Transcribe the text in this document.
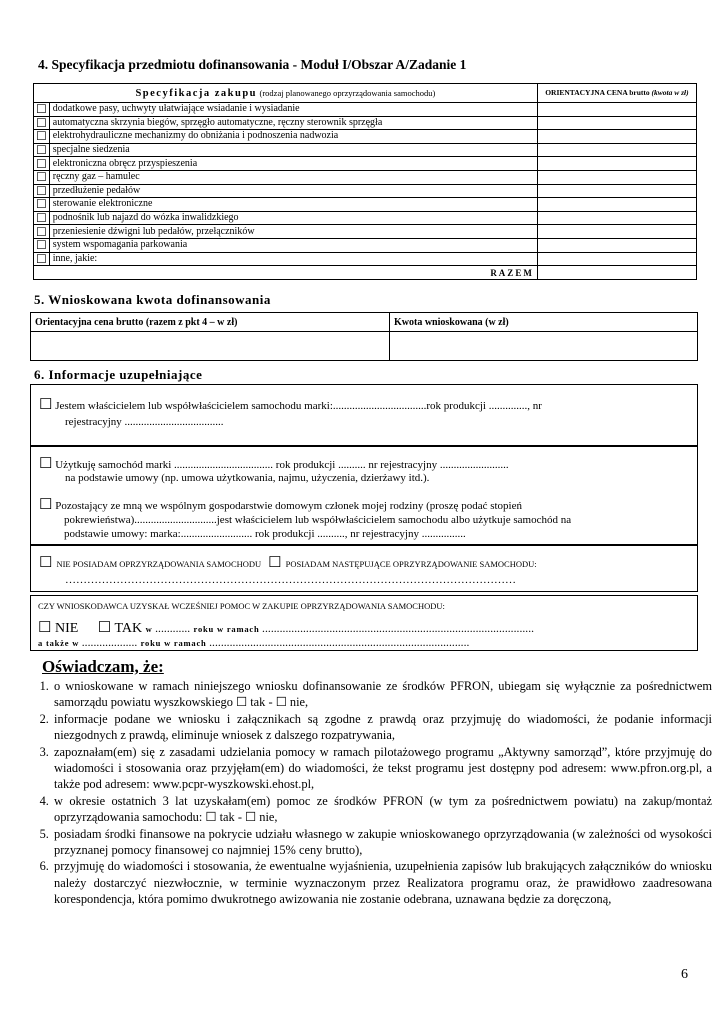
4. Specyfikacja przedmiotu dofinansowania - Moduł I/Obszar A/Zadanie 1
Specyfikacja zakupu (rodzaj planowanego oprzyrządowania samochodu)		ORIENTACYJNA CENA brutto (kwota w zł)
☐	dodatkowe pasy, uchwyty ułatwiające wsiadanie i wysiadanie	
☐	automatyczna skrzynia biegów, sprzęgło automatyczne, ręczny sterownik sprzęgła	
☐	elektrohydrauliczne mechanizmy do obniżania i podnoszenia nadwozia	
☐	specjalne siedzenia	
☐	elektroniczna obręcz przyspieszenia	
☐	ręczny gaz – hamulec	
☐	przedłużenie pedałów	
☐	sterowanie elektroniczne	
☐	podnośnik lub najazd do wózka inwalidzkiego	
☐	przeniesienie dźwigni lub pedałów, przełączników	
☐	system wspomagania parkowania	
☐	inne, jakie:	
RAZEM		
5. Wnioskowana kwota dofinansowania
Orientacyjna cena brutto (razem z pkt 4 – w zł)	Kwota wnioskowana (w zł)

6. Informacje uzupełniające
☐ Jestem właścicielem lub współwłaścicielem samochodu marki:..................................rok produkcji .............., nr
rejestracyjny ....................................
☐ Użytkuję samochód marki .................................... rok produkcji .......... nr rejestracyjny .........................
na podstawie umowy (np. umowa użytkowania, najmu, użyczenia, dzierżawy itd.).
☐ Pozostający ze mną we wspólnym gospodarstwie domowym członek mojej rodziny (proszę podać stopień
pokrewieństwa)..............................jest właścicielem lub współwłaścicielem samochodu albo użytkuje samochód na
podstawie umowy: marka:.......................... rok produkcji .........., nr rejestracyjny ................
☐ NIE POSIADAM OPRZYRZĄDOWANIA SAMOCHODU ☐ POSIADAM NASTĘPUJĄCE OPRZYRZĄDOWANIE SAMOCHODU:
……………………………………………………………………………………………………………
CZY WNIOSKODAWCA UZYSKAŁ WCZEŚNIEJ POMOC W ZAKUPIE OPRZYRZĄDOWANIA SAMOCHODU:
☐ NIE ☐ TAK w ............ roku w ramach .............................................................................................
a także w ................... roku w ramach .........................................................................................
Oświadczam, że:
1. o wnioskowane w ramach niniejszego wniosku dofinansowanie ze środków PFRON, ubiegam się wyłącznie za pośrednictwem samorządu powiatu wyszkowskiego ☐ tak - ☐ nie,
2. informacje podane we wniosku i załącznikach są zgodne z prawdą oraz przyjmuję do wiadomości, że podanie informacji niezgodnych z prawdą, eliminuje wniosek z dalszego rozpatrywania,
3. zapoznałam(em) się z zasadami udzielania pomocy w ramach pilotażowego programu „Aktywny samorząd”, które przyjmuję do wiadomości i stosowania oraz przyjęłam(em) do wiadomości, że tekst programu jest dostępny pod adresem: www.pfron.org.pl, a także pod adresem: www.pcpr-wyszkowski.ehost.pl,
4. w okresie ostatnich 3 lat uzyskałam(em) pomoc ze środków PFRON (w tym za pośrednictwem powiatu) na zakup/montaż oprzyrządowania samochodu: ☐ tak - ☐ nie,
5. posiadam środki finansowe na pokrycie udziału własnego w zakupie wnioskowanego oprzyrządowania (w zależności od wysokości przyznanej pomocy finansowej co najmniej 15% ceny brutto),
6. przyjmuję do wiadomości i stosowania, że ewentualne wyjaśnienia, uzupełnienia zapisów lub brakujących załączników do wniosku należy dostarczyć niezwłocznie, w terminie wyznaczonym przez Realizatora programu oraz, że prawidłowo zaadresowana korespondencja, która pomimo dwukrotnego awizowania nie zostanie odebrana, uznawana będzie za doręczoną,
6
